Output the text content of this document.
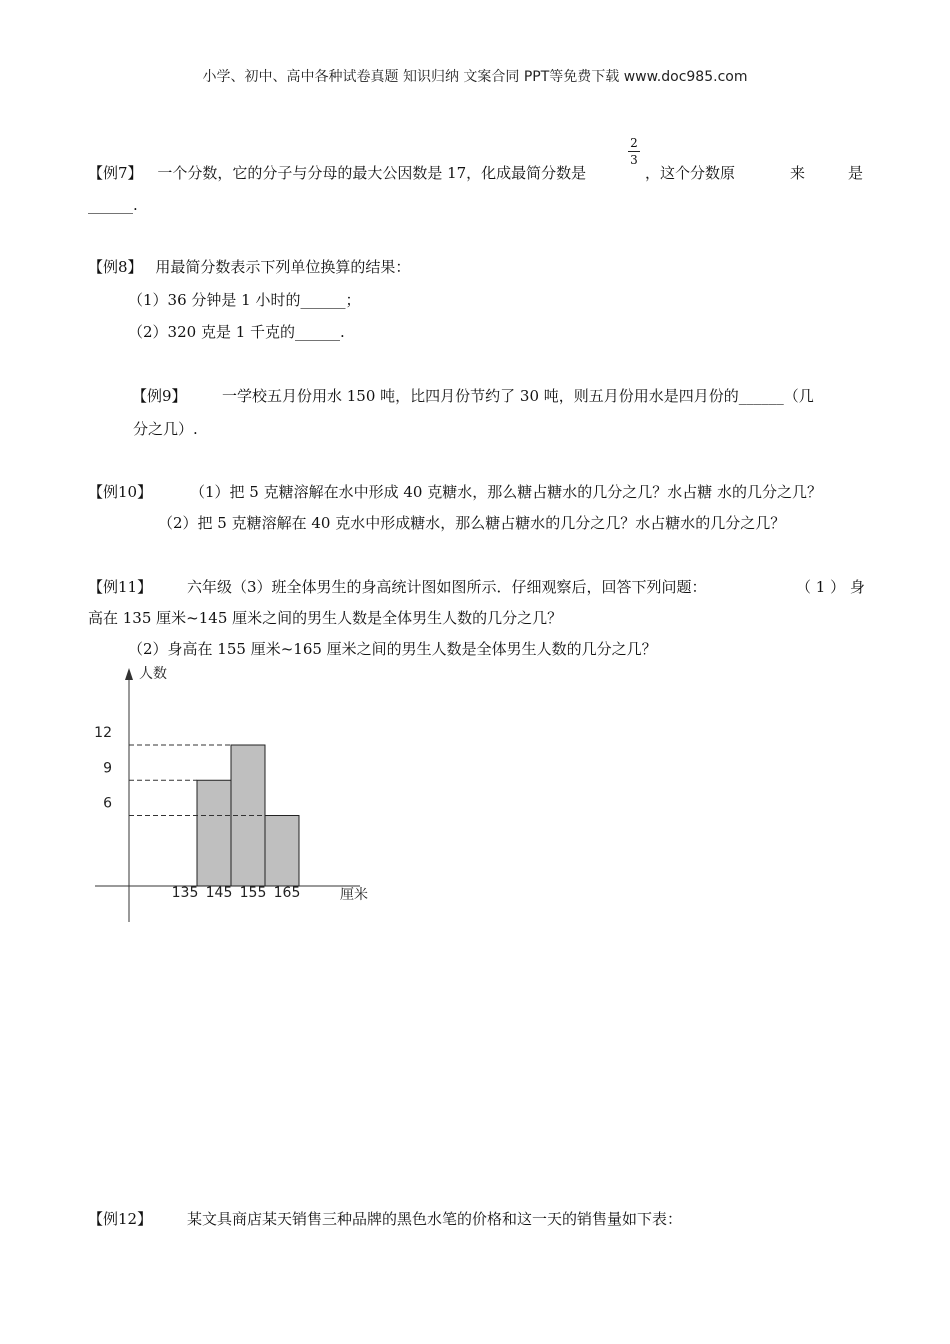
小学、初中、高中各种试卷真题 知识归纳 文案合同 PPT等免费下载 www.doc985.com
【例7】 一个分数，它的分子与分母的最大公因数是 17，化成最简分数是
2
3
，这个分数原	来	是
______.
【例8】 用最简分数表示下列单位换算的结果：
（1）36 分钟是 1 小时的______；
（2）320 克是 1 千克的______.
【例9】 一学校五月份用水 150 吨，比四月份节约了 30 吨，则五月份用水是四月份的______（几
分之几）.
【例10】	（1）把 5 克糖溶解在水中形成 40 克糖水，那么糖占糖水的几分之几？水占糖 水的几分之几？
（2）把 5 克糖溶解在 40 克水中形成糖水，那么糖占糖水的几分之几？水占糖水的几分之几？
【例11】 六年级（3）班全体男生的身高统计图如图所示．仔细观察后，回答下列问题：	（ 1 ） 身
高在 135 厘米~145 厘米之间的男生人数是全体男生人数的几分之几？
（2）身高在 155 厘米~165 厘米之间的男生人数是全体男生人数的几分之几？
人数
厘米
12
9
6
135 145 155 165
【例12】 某文具商店某天销售三种品牌的黑色水笔的价格和这一天的销售量如下表：
